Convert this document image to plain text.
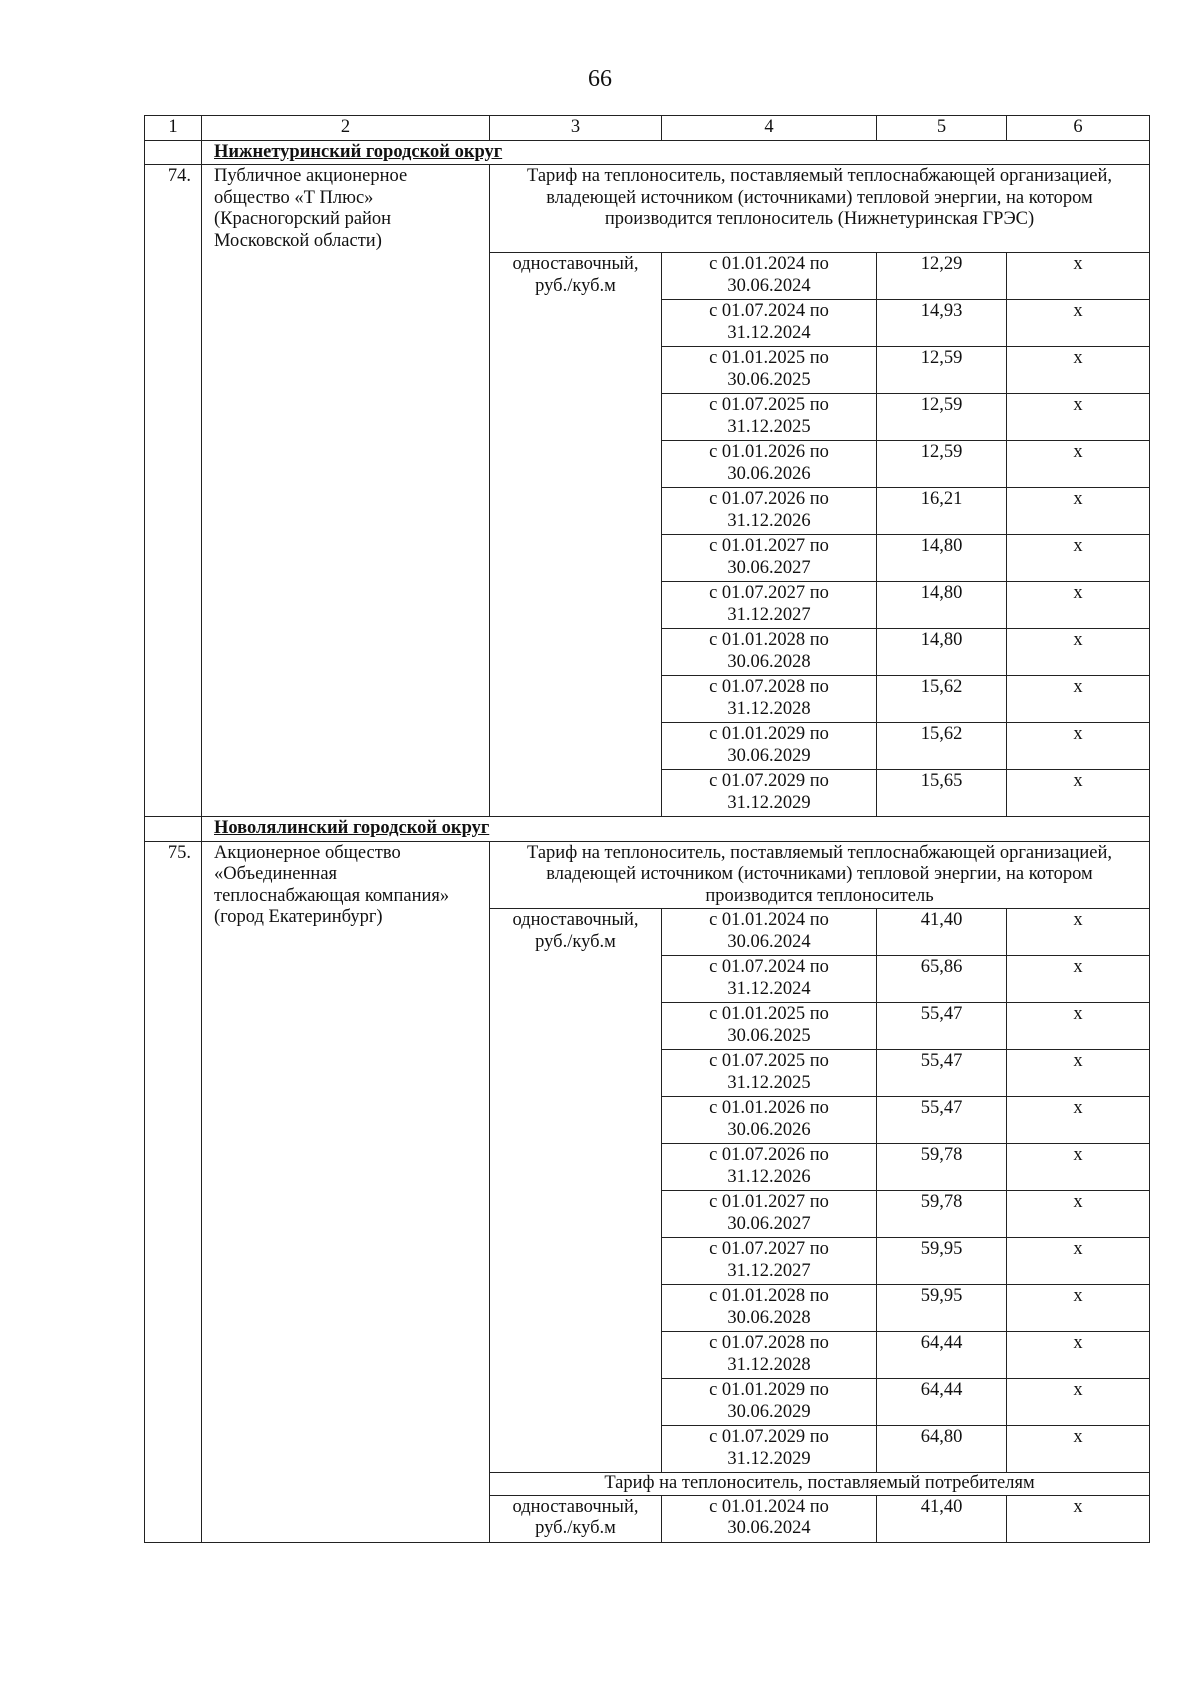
66
1	2	3	4	5	6
	Нижнетуринский городской округ				
74.	Публичное акционерное общество «Т Плюс» (Красногорский район Московской области)	Тариф на теплоноситель, поставляемый теплоснабжающей организацией, владеющей источником (источниками) тепловой энергии, на котором производится теплоноситель (Нижнетуринская ГРЭС)			
		одноставочный, руб./куб.м	с 01.01.2024 по 30.06.2024	12,29	х
			с 01.07.2024 по 31.12.2024	14,93	х
			с 01.01.2025 по 30.06.2025	12,59	х
			с 01.07.2025 по 31.12.2025	12,59	х
			с 01.01.2026 по 30.06.2026	12,59	х
			с 01.07.2026 по 31.12.2026	16,21	х
			с 01.01.2027 по 30.06.2027	14,80	х
			с 01.07.2027 по 31.12.2027	14,80	х
			с 01.01.2028 по 30.06.2028	14,80	х
			с 01.07.2028 по 31.12.2028	15,62	х
			с 01.01.2029 по 30.06.2029	15,62	х
			с 01.07.2029 по 31.12.2029	15,65	х
	Новолялинский городской округ				
75.	Акционерное общество «Объединенная теплоснабжающая компания» (город Екатеринбург)	Тариф на теплоноситель, поставляемый теплоснабжающей организацией, владеющей источником (источниками) тепловой энергии, на котором производится теплоноситель			
		одноставочный, руб./куб.м	с 01.01.2024 по 30.06.2024	41,40	х
			с 01.07.2024 по 31.12.2024	65,86	х
			с 01.01.2025 по 30.06.2025	55,47	х
			с 01.07.2025 по 31.12.2025	55,47	х
			с 01.01.2026 по 30.06.2026	55,47	х
			с 01.07.2026 по 31.12.2026	59,78	х
			с 01.01.2027 по 30.06.2027	59,78	х
			с 01.07.2027 по 31.12.2027	59,95	х
			с 01.01.2028 по 30.06.2028	59,95	х
			с 01.07.2028 по 31.12.2028	64,44	х
			с 01.01.2029 по 30.06.2029	64,44	х
			с 01.07.2029 по 31.12.2029	64,80	х
		Тариф на теплоноситель, поставляемый потребителям			
		одноставочный, руб./куб.м	с 01.01.2024 по 30.06.2024	41,40	х
